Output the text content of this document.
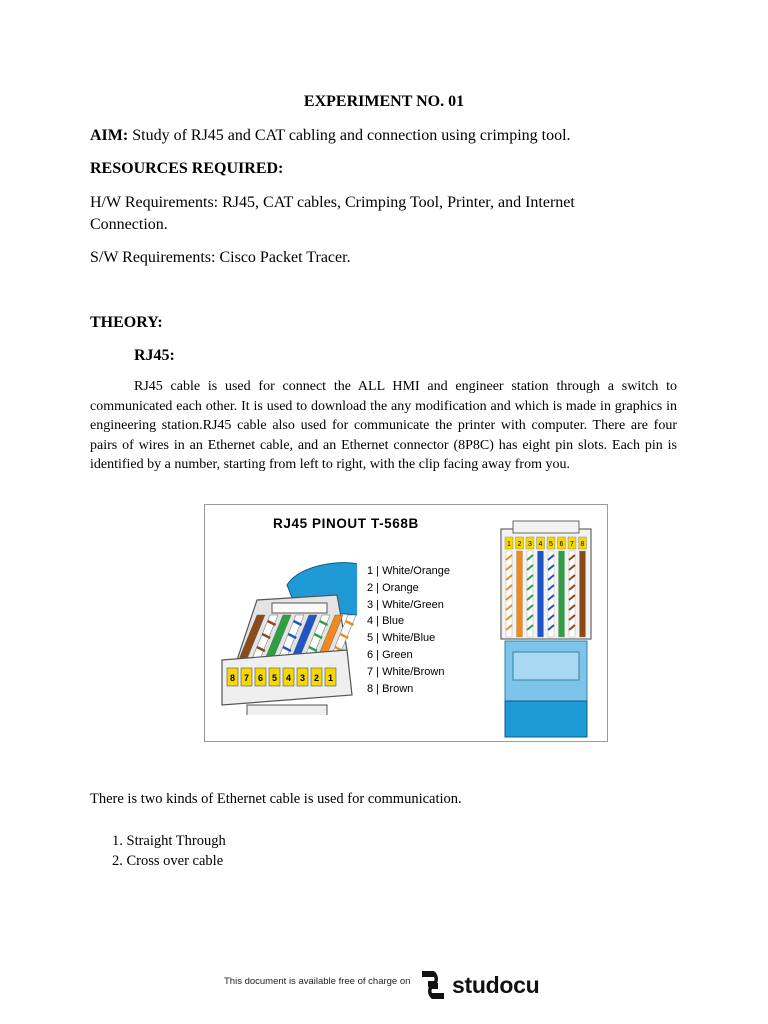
EXPERIMENT NO. 01
AIM: Study of RJ45 and CAT cabling and connection using crimping tool.
RESOURCES REQUIRED:
H/W Requirements: RJ45, CAT cables, Crimping Tool, Printer, and Internet
Connection.
S/W Requirements: Cisco Packet Tracer.
THEORY:
RJ45:
RJ45 cable is used for connect the ALL HMI and engineer station through a switch to communicated each other. It is used to download the any modification and which is made in graphics in engineering station.RJ45 cable also used for communicate the printer with computer. There are four pairs of wires in an Ethernet cable, and an Ethernet connector (8P8C) has eight pin slots. Each pin is identified by a number, starting from left to right, with the clip facing away from you.
RJ45 PINOUT T-568B
8 7 6 5 4 3 2 1
1 | White/Orange
2 | Orange
3 | White/Green
4 | Blue
5 | White/Blue
6 | Green
7 | White/Brown
8 | Brown
1 2 3 4 5 6 7 8
There is two kinds of Ethernet cable is used for communication.
1. Straight Through
2. Cross over cable
This document is available free of charge on studocu
